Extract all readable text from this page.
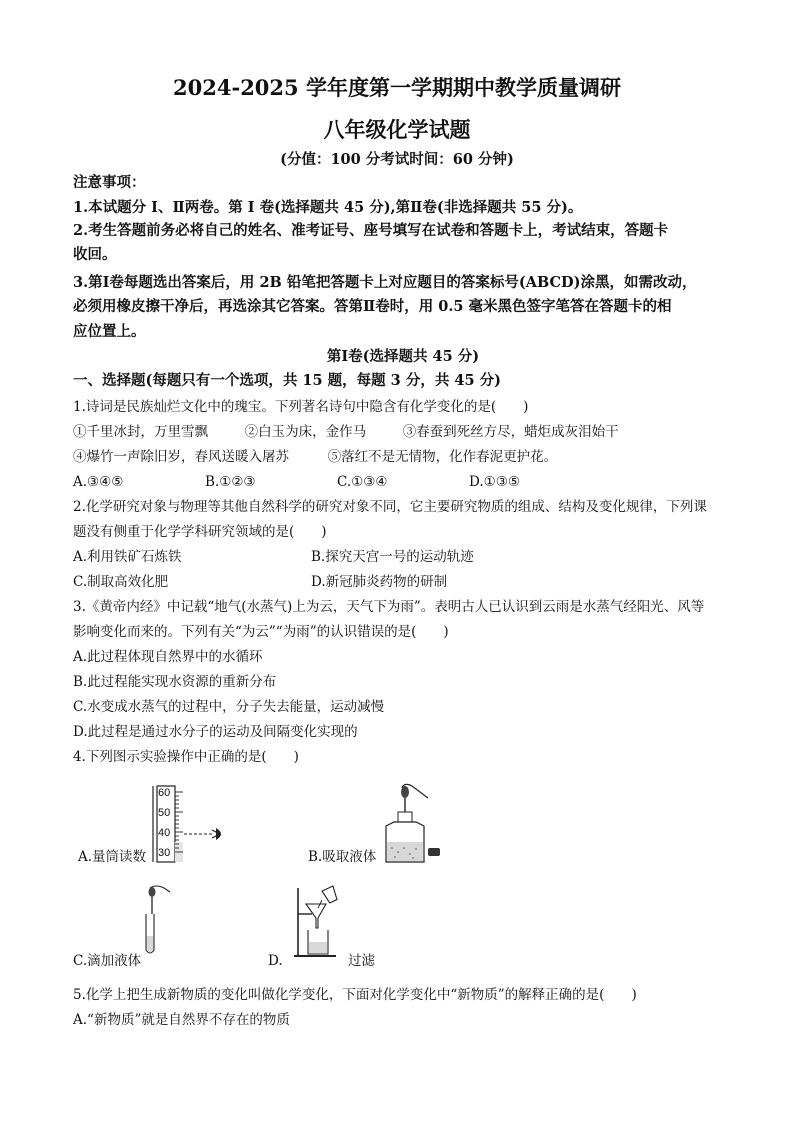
2024-2025 学年度第一学期期中教学质量调研
八年级化学试题
(分值：100 分考试时间：60 分钟)
注意事项：
1.本试题分 I、Ⅱ两卷。第 I 卷(选择题共 45 分),第Ⅱ卷(非选择题共 55 分)。
2.考生答题前务必将自己的姓名、准考证号、座号填写在试卷和答题卡上，考试结束，答题卡
收回。
3.第Ⅰ卷每题选出答案后，用 2B 铅笔把答题卡上对应题目的答案标号(ABCD)涂黑，如需改动，
必须用橡皮擦干净后，再选涂其它答案。答第Ⅱ卷时，用 0.5 毫米黑色签字笔答在答题卡的相
应位置上。
第Ⅰ卷(选择题共 45 分)
一、选择题(每题只有一个选项，共 15 题，每题 3 分，共 45 分)
1.诗词是民族灿烂文化中的瑰宝。下列著名诗句中隐含有化学变化的是(　　)
①千里冰封，万里雪飘	②白玉为床，金作马	③春蚕到死丝方尽，蜡炬成灰泪始干
④爆竹一声除旧岁，春风送暖入屠苏	⑤落红不是无情物，化作春泥更护花。
A.③④⑤	B.①②③	C.①③④	D.①③⑤
2.化学研究对象与物理等其他自然科学的研究对象不同，它主要研究物质的组成、结构及变化规律，下列课
题没有侧重于化学学科研究领域的是(　　)
A.利用铁矿石炼铁	B.探究天宫一号的运动轨迹
C.制取高效化肥	D.新冠肺炎药物的研制
3.《黄帝内经》中记载“地气(水蒸气)上为云，天气下为雨”。表明古人已认识到云雨是水蒸气经阳光、风等
影响变化而来的。下列有关“为云”“为雨”的认识错误的是(　　)
A.此过程体现自然界中的水循环
B.此过程能实现水资源的重新分布
C.水变成水蒸气的过程中，分子失去能量，运动减慢
D.此过程是通过水分子的运动及间隔变化实现的
4.下列图示实验操作中正确的是(　　)
60
50
40
30
A.量筒读数	B.吸取液体
C.滴加液体	D.	过滤
5.化学上把生成新物质的变化叫做化学变化，下面对化学变化中“新物质”的解释正确的是(　　)
A.“新物质”就是自然界不存在的物质
